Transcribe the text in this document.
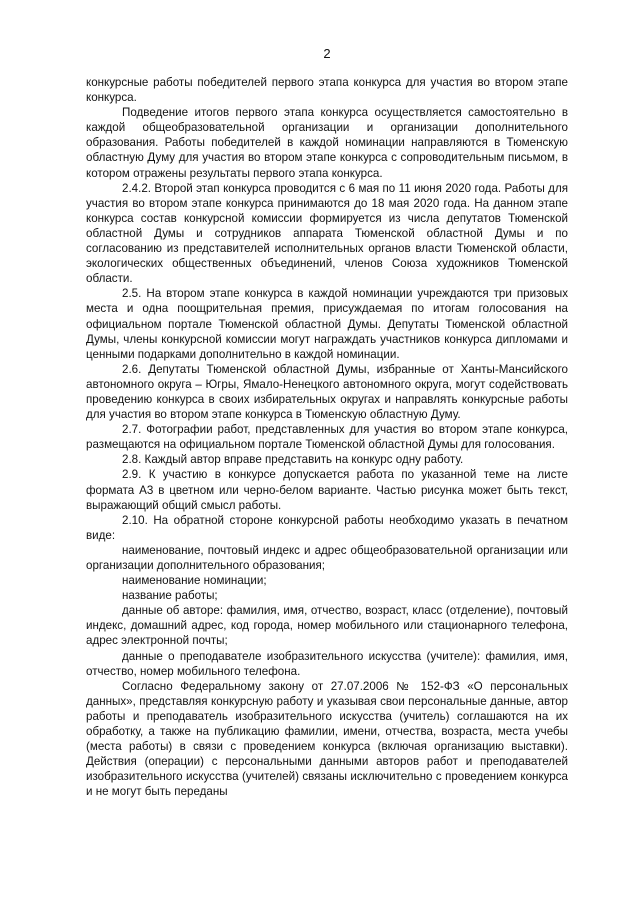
2

конкурсные работы победителей первого этапа конкурса для участия во втором этапе конкурса.

Подведение итогов первого этапа конкурса осуществляется самостоятельно в каждой общеобразовательной организации и организации дополнительного образования. Работы победителей в каждой номинации направляются в Тюменскую областную Думу для участия во втором этапе конкурса с сопроводительным письмом, в котором отражены результаты первого этапа конкурса.

2.4.2. Второй этап конкурса проводится с 6 мая по 11 июня 2020 года. Работы для участия во втором этапе конкурса принимаются до 18 мая 2020 года. На данном этапе конкурса состав конкурсной комиссии формируется из числа депутатов Тюменской областной Думы и сотрудников аппарата Тюменской областной Думы и по согласованию из представителей исполнительных органов власти Тюменской области, экологических общественных объединений, членов Союза художников Тюменской области.

2.5. На втором этапе конкурса в каждой номинации учреждаются три призовых места и одна поощрительная премия, присуждаемая по итогам голосования на официальном портале Тюменской областной Думы. Депутаты Тюменской областной Думы, члены конкурсной комиссии могут награждать участников конкурса дипломами и ценными подарками дополнительно в каждой номинации.

2.6. Депутаты Тюменской областной Думы, избранные от Ханты-Мансийского автономного округа – Югры, Ямало-Ненецкого автономного округа, могут содействовать проведению конкурса в своих избирательных округах и направлять конкурсные работы для участия во втором этапе конкурса в Тюменскую областную Думу.

2.7. Фотографии работ, представленных для участия во втором этапе конкурса, размещаются на официальном портале Тюменской областной Думы для голосования.

2.8. Каждый автор вправе представить на конкурс одну работу.

2.9. К участию в конкурсе допускается работа по указанной теме на листе формата А3 в цветном или черно-белом варианте. Частью рисунка может быть текст, выражающий общий смысл работы.

2.10. На обратной стороне конкурсной работы необходимо указать в печатном виде:

наименование, почтовый индекс и адрес общеобразовательной организации или организации дополнительного образования;

наименование номинации;

название работы;

данные об авторе: фамилия, имя, отчество, возраст, класс (отделение), почтовый индекс, домашний адрес, код города, номер мобильного или стационарного телефона, адрес электронной почты;

данные о преподавателе изобразительного искусства (учителе): фамилия, имя, отчество, номер мобильного телефона.

Согласно Федеральному закону от 27.07.2006 № 152-ФЗ «О персональных данных», представляя конкурсную работу и указывая свои персональные данные, автор работы и преподаватель изобразительного искусства (учитель) соглашаются на их обработку, а также на публикацию фамилии, имени, отчества, возраста, места учебы (места работы) в связи с проведением конкурса (включая организацию выставки). Действия (операции) с персональными данными авторов работ и преподавателей изобразительного искусства (учителей) связаны исключительно с проведением конкурса и не могут быть переданы
